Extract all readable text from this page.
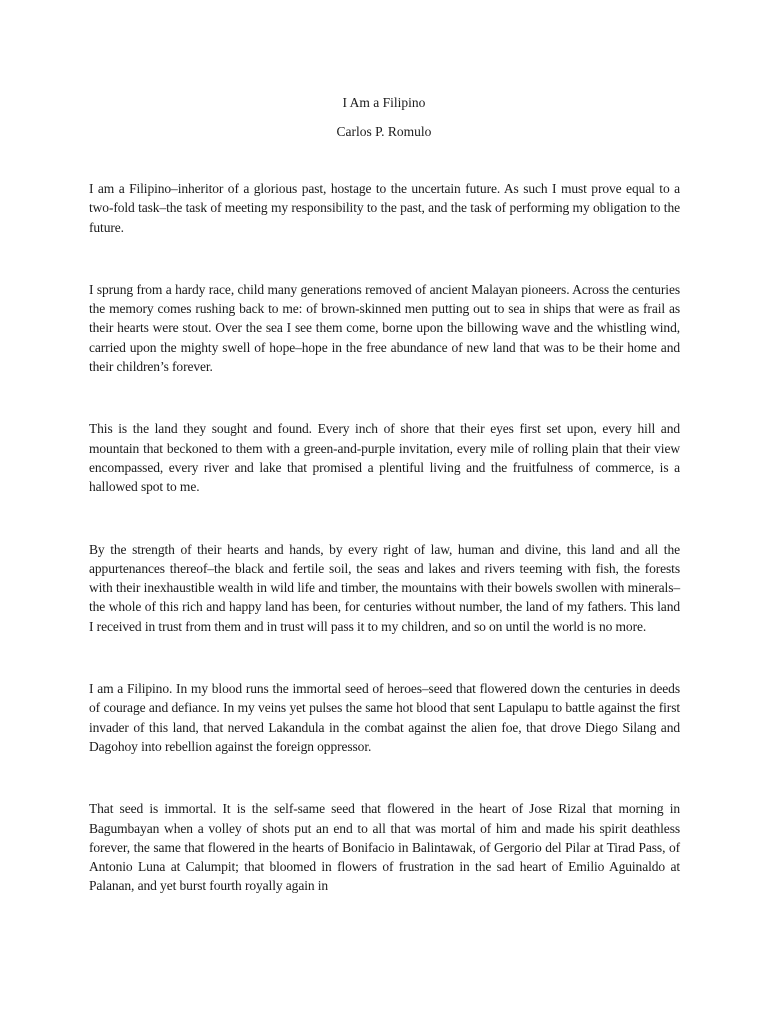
I Am a Filipino

Carlos P. Romulo

I am a Filipino–inheritor of a glorious past, hostage to the uncertain future. As such I must prove equal to a two-fold task–the task of meeting my responsibility to the past, and the task of performing my obligation to the future.

I sprung from a hardy race, child many generations removed of ancient Malayan pioneers. Across the centuries the memory comes rushing back to me: of brown-skinned men putting out to sea in ships that were as frail as their hearts were stout. Over the sea I see them come, borne upon the billowing wave and the whistling wind, carried upon the mighty swell of hope–hope in the free abundance of new land that was to be their home and their children’s forever.

This is the land they sought and found. Every inch of shore that their eyes first set upon, every hill and mountain that beckoned to them with a green-and-purple invitation, every mile of rolling plain that their view encompassed, every river and lake that promised a plentiful living and the fruitfulness of commerce, is a hallowed spot to me.

By the strength of their hearts and hands, by every right of law, human and divine, this land and all the appurtenances thereof–the black and fertile soil, the seas and lakes and rivers teeming with fish, the forests with their inexhaustible wealth in wild life and timber, the mountains with their bowels swollen with minerals–the whole of this rich and happy land has been, for centuries without number, the land of my fathers. This land I received in trust from them and in trust will pass it to my children, and so on until the world is no more.

I am a Filipino. In my blood runs the immortal seed of heroes–seed that flowered down the centuries in deeds of courage and defiance. In my veins yet pulses the same hot blood that sent Lapulapu to battle against the first invader of this land, that nerved Lakandula in the combat against the alien foe, that drove Diego Silang and Dagohoy into rebellion against the foreign oppressor.

That seed is immortal. It is the self-same seed that flowered in the heart of Jose Rizal that morning in Bagumbayan when a volley of shots put an end to all that was mortal of him and made his spirit deathless forever, the same that flowered in the hearts of Bonifacio in Balintawak, of Gergorio del Pilar at Tirad Pass, of Antonio Luna at Calumpit; that bloomed in flowers of frustration in the sad heart of Emilio Aguinaldo at Palanan, and yet burst fourth royally again in
